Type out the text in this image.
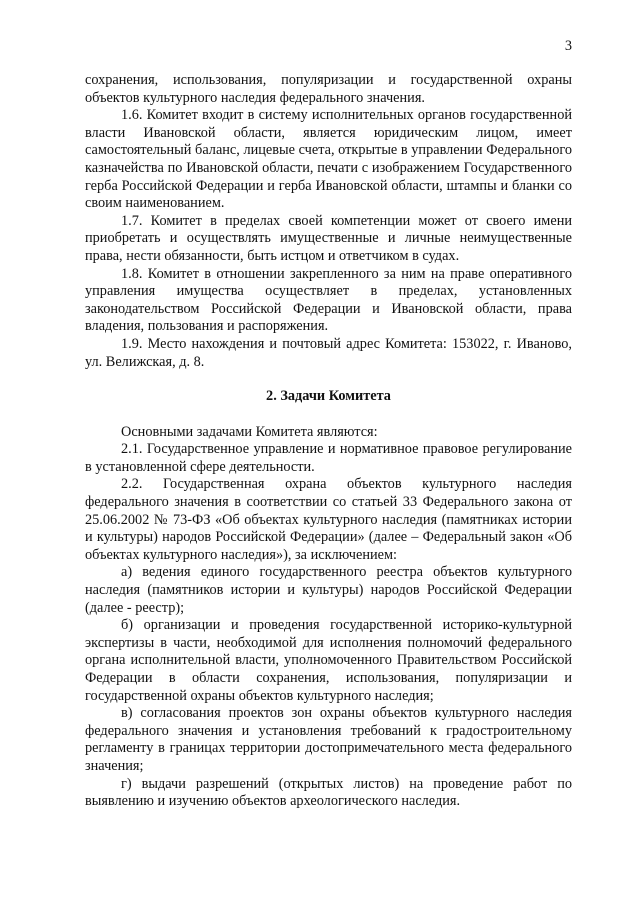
3

сохранения, использования, популяризации и государственной охраны объектов культурного наследия федерального значения.

1.6. Комитет входит в систему исполнительных органов государственной власти Ивановской области, является юридическим лицом, имеет самостоятельный баланс, лицевые счета, открытые в управлении Федерального казначейства по Ивановской области, печати с изображением Государственного герба Российской Федерации и герба Ивановской области, штампы и бланки со своим наименованием.

1.7. Комитет в пределах своей компетенции может от своего имени приобретать и осуществлять имущественные и личные неимущественные права, нести обязанности, быть истцом и ответчиком в судах.

1.8. Комитет в отношении закрепленного за ним на праве оперативного управления имущества осуществляет в пределах, установленных законодательством Российской Федерации и Ивановской области, права владения, пользования и распоряжения.

1.9. Место нахождения и почтовый адрес Комитета: 153022, г. Иваново, ул. Велижская, д. 8.

2. Задачи Комитета

Основными задачами Комитета являются:

2.1. Государственное управление и нормативное правовое регулирование в установленной сфере деятельности.

2.2. Государственная охрана объектов культурного наследия федерального значения в соответствии со статьей 33 Федерального закона от 25.06.2002 № 73-ФЗ «Об объектах культурного наследия (памятниках истории и культуры) народов Российской Федерации» (далее – Федеральный закон «Об объектах культурного наследия»), за исключением:

а) ведения единого государственного реестра объектов культурного наследия (памятников истории и культуры) народов Российской Федерации (далее - реестр);

б) организации и проведения государственной историко-культурной экспертизы в части, необходимой для исполнения полномочий федерального органа исполнительной власти, уполномоченного Правительством Российской Федерации в области сохранения, использования, популяризации и государственной охраны объектов культурного наследия;

в) согласования проектов зон охраны объектов культурного наследия федерального значения и установления требований к градостроительному регламенту в границах территории достопримечательного места федерального значения;

г) выдачи разрешений (открытых листов) на проведение работ по выявлению и изучению объектов археологического наследия.
